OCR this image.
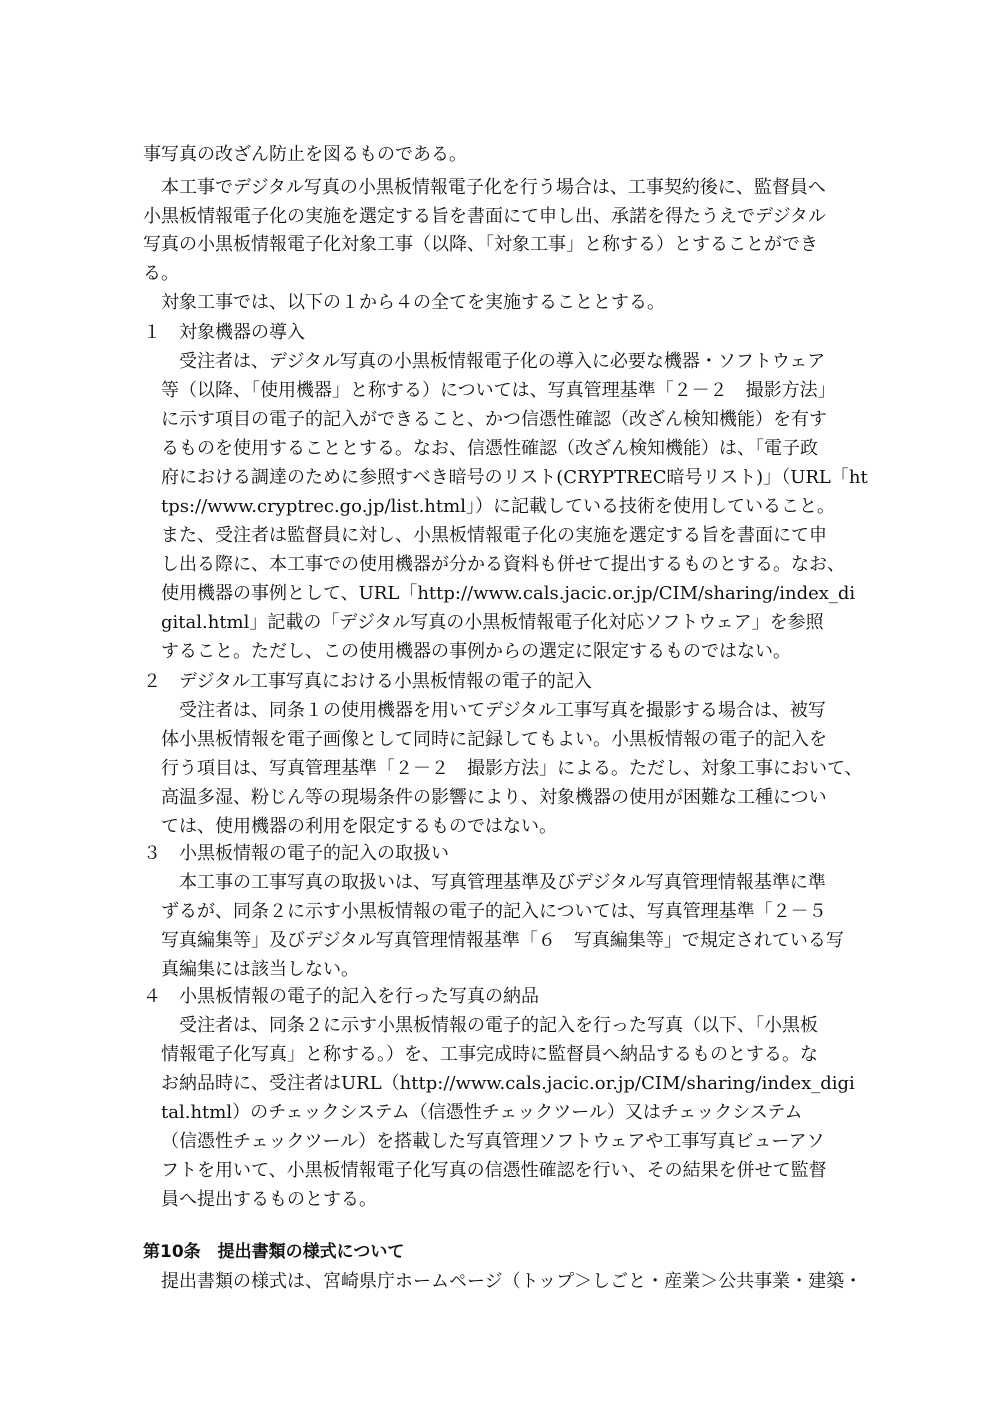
事写真の改ざん防止を図るものである。
　本工事でデジタル写真の小黒板情報電子化を行う場合は、工事契約後に、監督員へ
小黒板情報電子化の実施を選定する旨を書面にて申し出、承諾を得たうえでデジタル
写真の小黒板情報電子化対象工事（以降、「対象工事」と称する）とすることができ
る。
　対象工事では、以下の１から４の全てを実施することとする。
１　対象機器の導入
受注者は、デジタル写真の小黒板情報電子化の導入に必要な機器・ソフトウェア
等（以降、「使用機器」と称する）については、写真管理基準「２－２　撮影方法」
に示す項目の電子的記入ができること、かつ信憑性確認（改ざん検知機能）を有す
るものを使用することとする。なお、信憑性確認（改ざん検知機能）は、「電子政
府における調達のために参照すべき暗号のリスト(CRYPTREC暗号リスト)」（URL「ht
tps://www.cryptrec.go.jp/list.html」）に記載している技術を使用していること。
また、受注者は監督員に対し、小黒板情報電子化の実施を選定する旨を書面にて申
し出る際に、本工事での使用機器が分かる資料も併せて提出するものとする。なお、
使用機器の事例として、URL「http://www.cals.jacic.or.jp/CIM/sharing/index_di
gital.html」記載の「デジタル写真の小黒板情報電子化対応ソフトウェア」を参照
すること。ただし、この使用機器の事例からの選定に限定するものではない。
２　デジタル工事写真における小黒板情報の電子的記入
受注者は、同条１の使用機器を用いてデジタル工事写真を撮影する場合は、被写
体小黒板情報を電子画像として同時に記録してもよい。小黒板情報の電子的記入を
行う項目は、写真管理基準「２－２　撮影方法」による。ただし、対象工事において、
高温多湿、粉じん等の現場条件の影響により、対象機器の使用が困難な工種につい
ては、使用機器の利用を限定するものではない。
３　小黒板情報の電子的記入の取扱い
本工事の工事写真の取扱いは、写真管理基準及びデジタル写真管理情報基準に準
ずるが、同条２に示す小黒板情報の電子的記入については、写真管理基準「２－５
写真編集等」及びデジタル写真管理情報基準「６　写真編集等」で規定されている写
真編集には該当しない。
４　小黒板情報の電子的記入を行った写真の納品
受注者は、同条２に示す小黒板情報の電子的記入を行った写真（以下、「小黒板
情報電子化写真」と称する。）を、工事完成時に監督員へ納品するものとする。な
お納品時に、受注者はURL（http://www.cals.jacic.or.jp/CIM/sharing/index_digi
tal.html）のチェックシステム（信憑性チェックツール）又はチェックシステム
（信憑性チェックツール）を搭載した写真管理ソフトウェアや工事写真ビューアソ
フトを用いて、小黒板情報電子化写真の信憑性確認を行い、その結果を併せて監督
員へ提出するものとする。
第10条　提出書類の様式について
　提出書類の様式は、宮崎県庁ホームページ（トップ＞しごと・産業＞公共事業・建築・
